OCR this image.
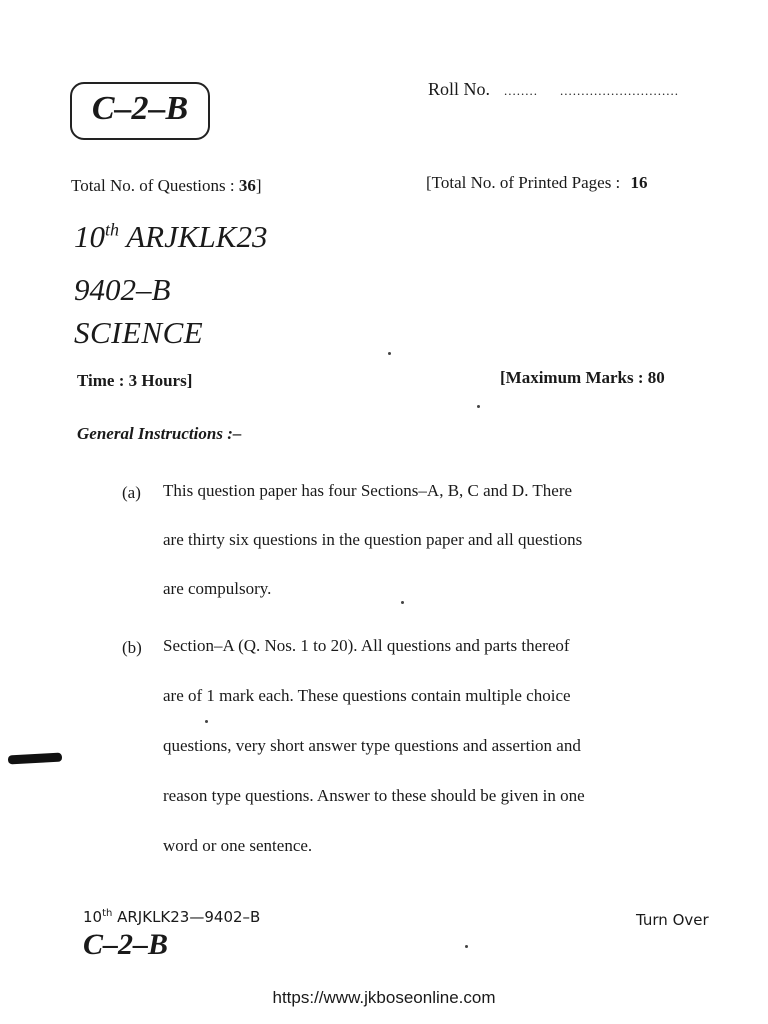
C–2–B
Roll No. ........ ............................
Total No. of Questions : 36]	[Total No. of Printed Pages : 16
10th ARJKLK23
9402–B
SCIENCE
Time : 3 Hours]	[Maximum Marks : 80
General Instructions :–
(a) This question paper has four Sections–A, B, C and D. There
are thirty six questions in the question paper and all questions
are compulsory.
(b) Section–A (Q. Nos. 1 to 20). All questions and parts thereof
are of 1 mark each. These questions contain multiple choice
questions, very short answer type questions and assertion and
reason type questions. Answer to these should be given in one
word or one sentence.
10th ARJKLK23—9402–B
C–2–B
Turn Over
https://www.jkboseonline.com
